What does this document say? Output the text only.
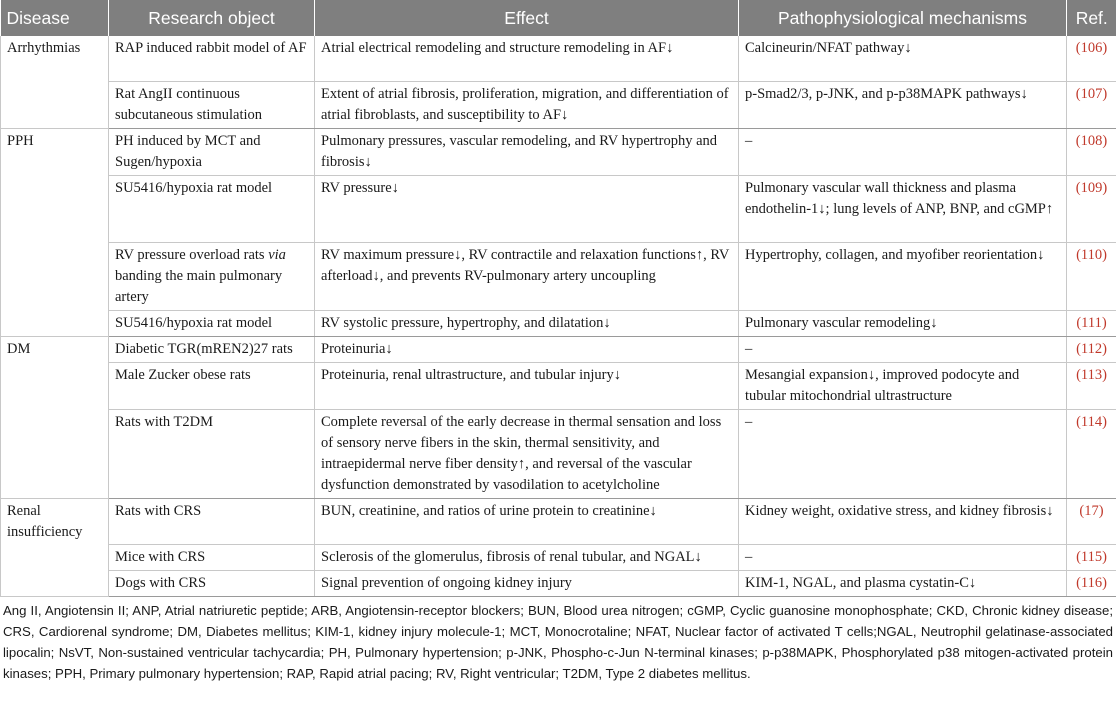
Disease	Research object	Effect	Pathophysiological mechanisms	Ref.
Arrhythmias	RAP induced rabbit model of AF	Atrial electrical remodeling and structure remodeling in AF↓	Calcineurin/NFAT pathway↓	(106)
	Rat AngII continuous subcutaneous stimulation	Extent of atrial fibrosis, proliferation, migration, and differentiation of atrial fibroblasts, and susceptibility to AF↓	p-Smad2/3, p-JNK, and p-p38MAPK pathways↓	(107)
PPH	PH induced by MCT and Sugen/hypoxia	Pulmonary pressures, vascular remodeling, and RV hypertrophy and fibrosis↓	–	(108)
	SU5416/hypoxia rat model	RV pressure↓	Pulmonary vascular wall thickness and plasma endothelin-1↓; lung levels of ANP, BNP, and cGMP↑	(109)
	RV pressure overload rats via banding the main pulmonary artery	RV maximum pressure↓, RV contractile and relaxation functions↑, RV afterload↓, and prevents RV-pulmonary artery uncoupling	Hypertrophy, collagen, and myofiber reorientation↓	(110)
	SU5416/hypoxia rat model	RV systolic pressure, hypertrophy, and dilatation↓	Pulmonary vascular remodeling↓	(111)
DM	Diabetic TGR(mREN2)27 rats	Proteinuria↓	–	(112)
	Male Zucker obese rats	Proteinuria, renal ultrastructure, and tubular injury↓	Mesangial expansion↓, improved podocyte and tubular mitochondrial ultrastructure	(113)
	Rats with T2DM	Complete reversal of the early decrease in thermal sensation and loss of sensory nerve fibers in the skin, thermal sensitivity, and intraepidermal nerve fiber density↑, and reversal of the vascular dysfunction demonstrated by vasodilation to acetylcholine	–	(114)
Renal insufficiency	Rats with CRS	BUN, creatinine, and ratios of urine protein to creatinine↓	Kidney weight, oxidative stress, and kidney fibrosis↓	(17)
	Mice with CRS	Sclerosis of the glomerulus, fibrosis of renal tubular, and NGAL↓	–	(115)
	Dogs with CRS	Signal prevention of ongoing kidney injury	KIM-1, NGAL, and plasma cystatin-C↓	(116)

Ang II, Angiotensin II; ANP, Atrial natriuretic peptide; ARB, Angiotensin-receptor blockers; BUN, Blood urea nitrogen; cGMP, Cyclic guanosine monophosphate; CKD, Chronic kidney disease; CRS, Cardiorenal syndrome; DM, Diabetes mellitus; KIM-1, kidney injury molecule-1; MCT, Monocrotaline; NFAT, Nuclear factor of activated T cells;NGAL, Neutrophil gelatinase-associated lipocalin; NsVT, Non-sustained ventricular tachycardia; PH, Pulmonary hypertension; p-JNK, Phospho-c-Jun N-terminal kinases; p-p38MAPK, Phosphorylated p38 mitogen-activated protein kinases; PPH, Primary pulmonary hypertension; RAP, Rapid atrial pacing; RV, Right ventricular; T2DM, Type 2 diabetes mellitus.
